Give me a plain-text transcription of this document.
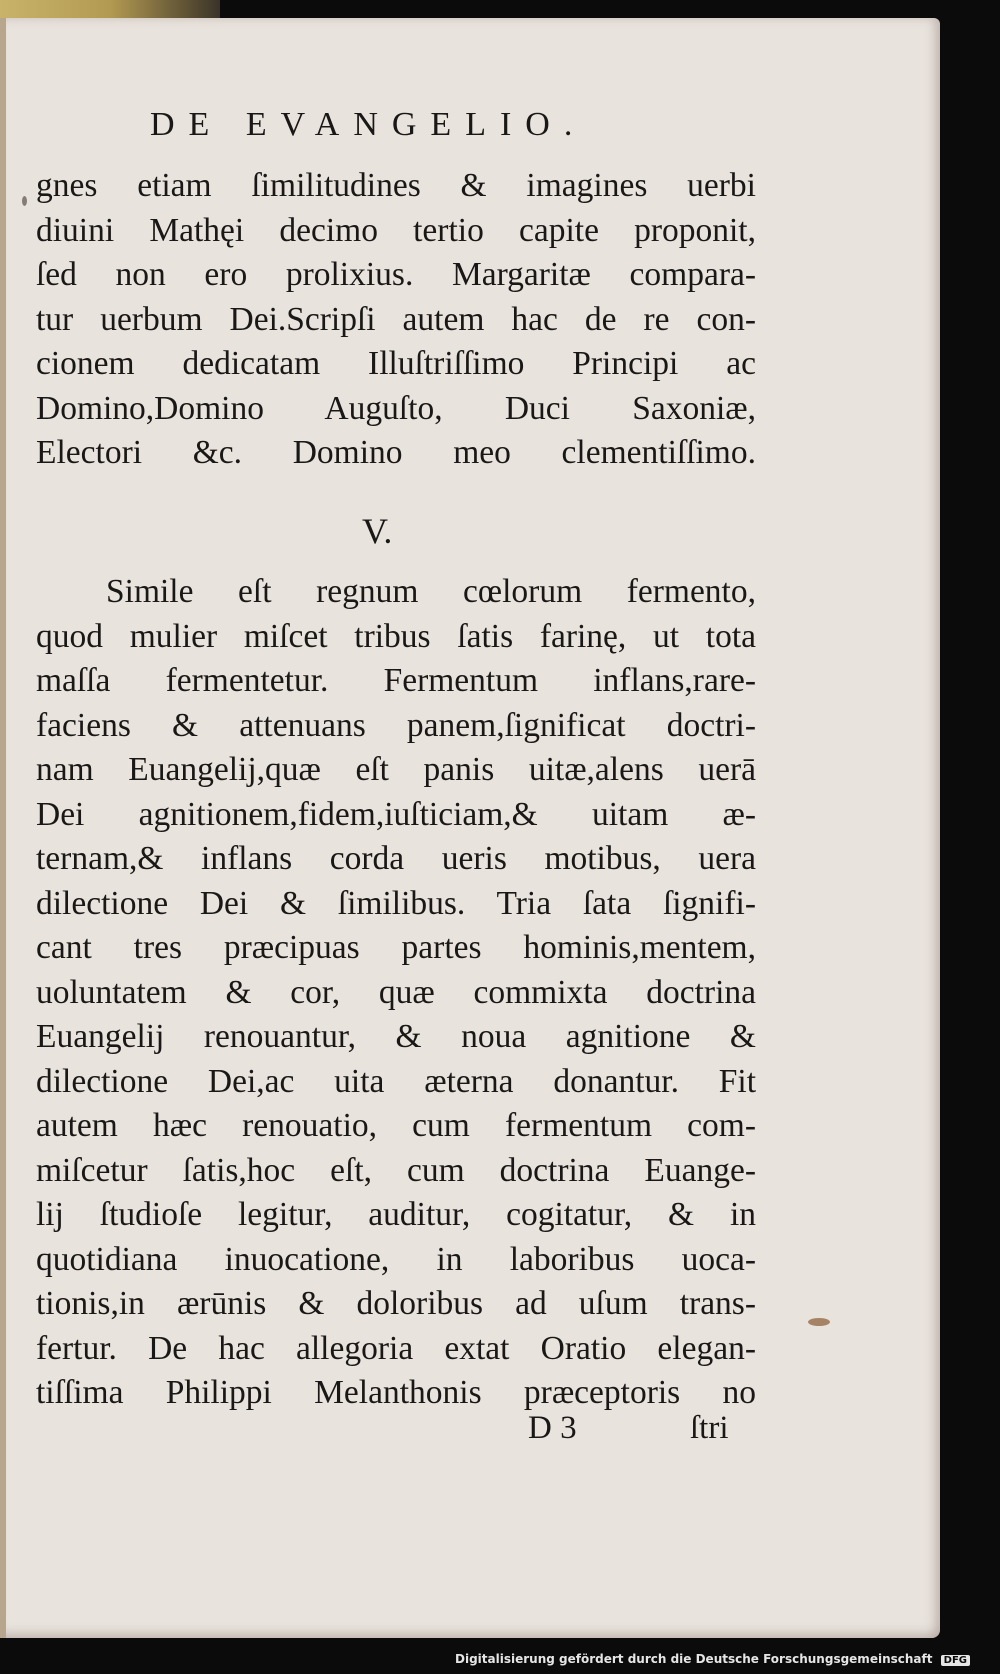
DE EVANGELIO.
gnes etiam ſimilitudines & imagines uerbi
diuini Mathęi decimo tertio capite proponit,
ſed non ero prolixius. Margaritæ compara-
tur uerbum Dei.Scripſi autem hac de re con-
cionem dedicatam Illuſtriſſimo Principi ac
Domino,Domino Auguſto, Duci Saxoniæ,
Electori &c. Domino meo clementiſſimo.
V.
Simile eſt regnum cœlorum fermento,
quod mulier miſcet tribus ſatis farinę, ut tota
maſſa fermentetur. Fermentum inflans,rare-
faciens & attenuans panem,ſignificat doctri-
nam Euangelij,quæ eſt panis uitæ,alens uerā
Dei agnitionem,fidem,iuſticiam,& uitam æ-
ternam,& inflans corda ueris motibus, uera
dilectione Dei & ſimilibus. Tria ſata ſignifi-
cant tres præcipuas partes hominis,mentem,
uoluntatem & cor, quæ commixta doctrina
Euangelij renouantur, & noua agnitione &
dilectione Dei,ac uita æterna donantur. Fit
autem hæc renouatio, cum fermentum com-
miſcetur ſatis,hoc eſt, cum doctrina Euange-
lij ſtudioſe legitur, auditur, cogitatur, & in
quotidiana inuocatione, in laboribus uoca-
tionis,in ærūnis & doloribus ad uſum trans-
fertur. De hac allegoria extat Oratio elegan-
tiſſima Philippi Melanthonis præceptoris no
D 3	ſtri
Digitalisierung gefördert durch die Deutsche Forschungsgemeinschaft DFG
